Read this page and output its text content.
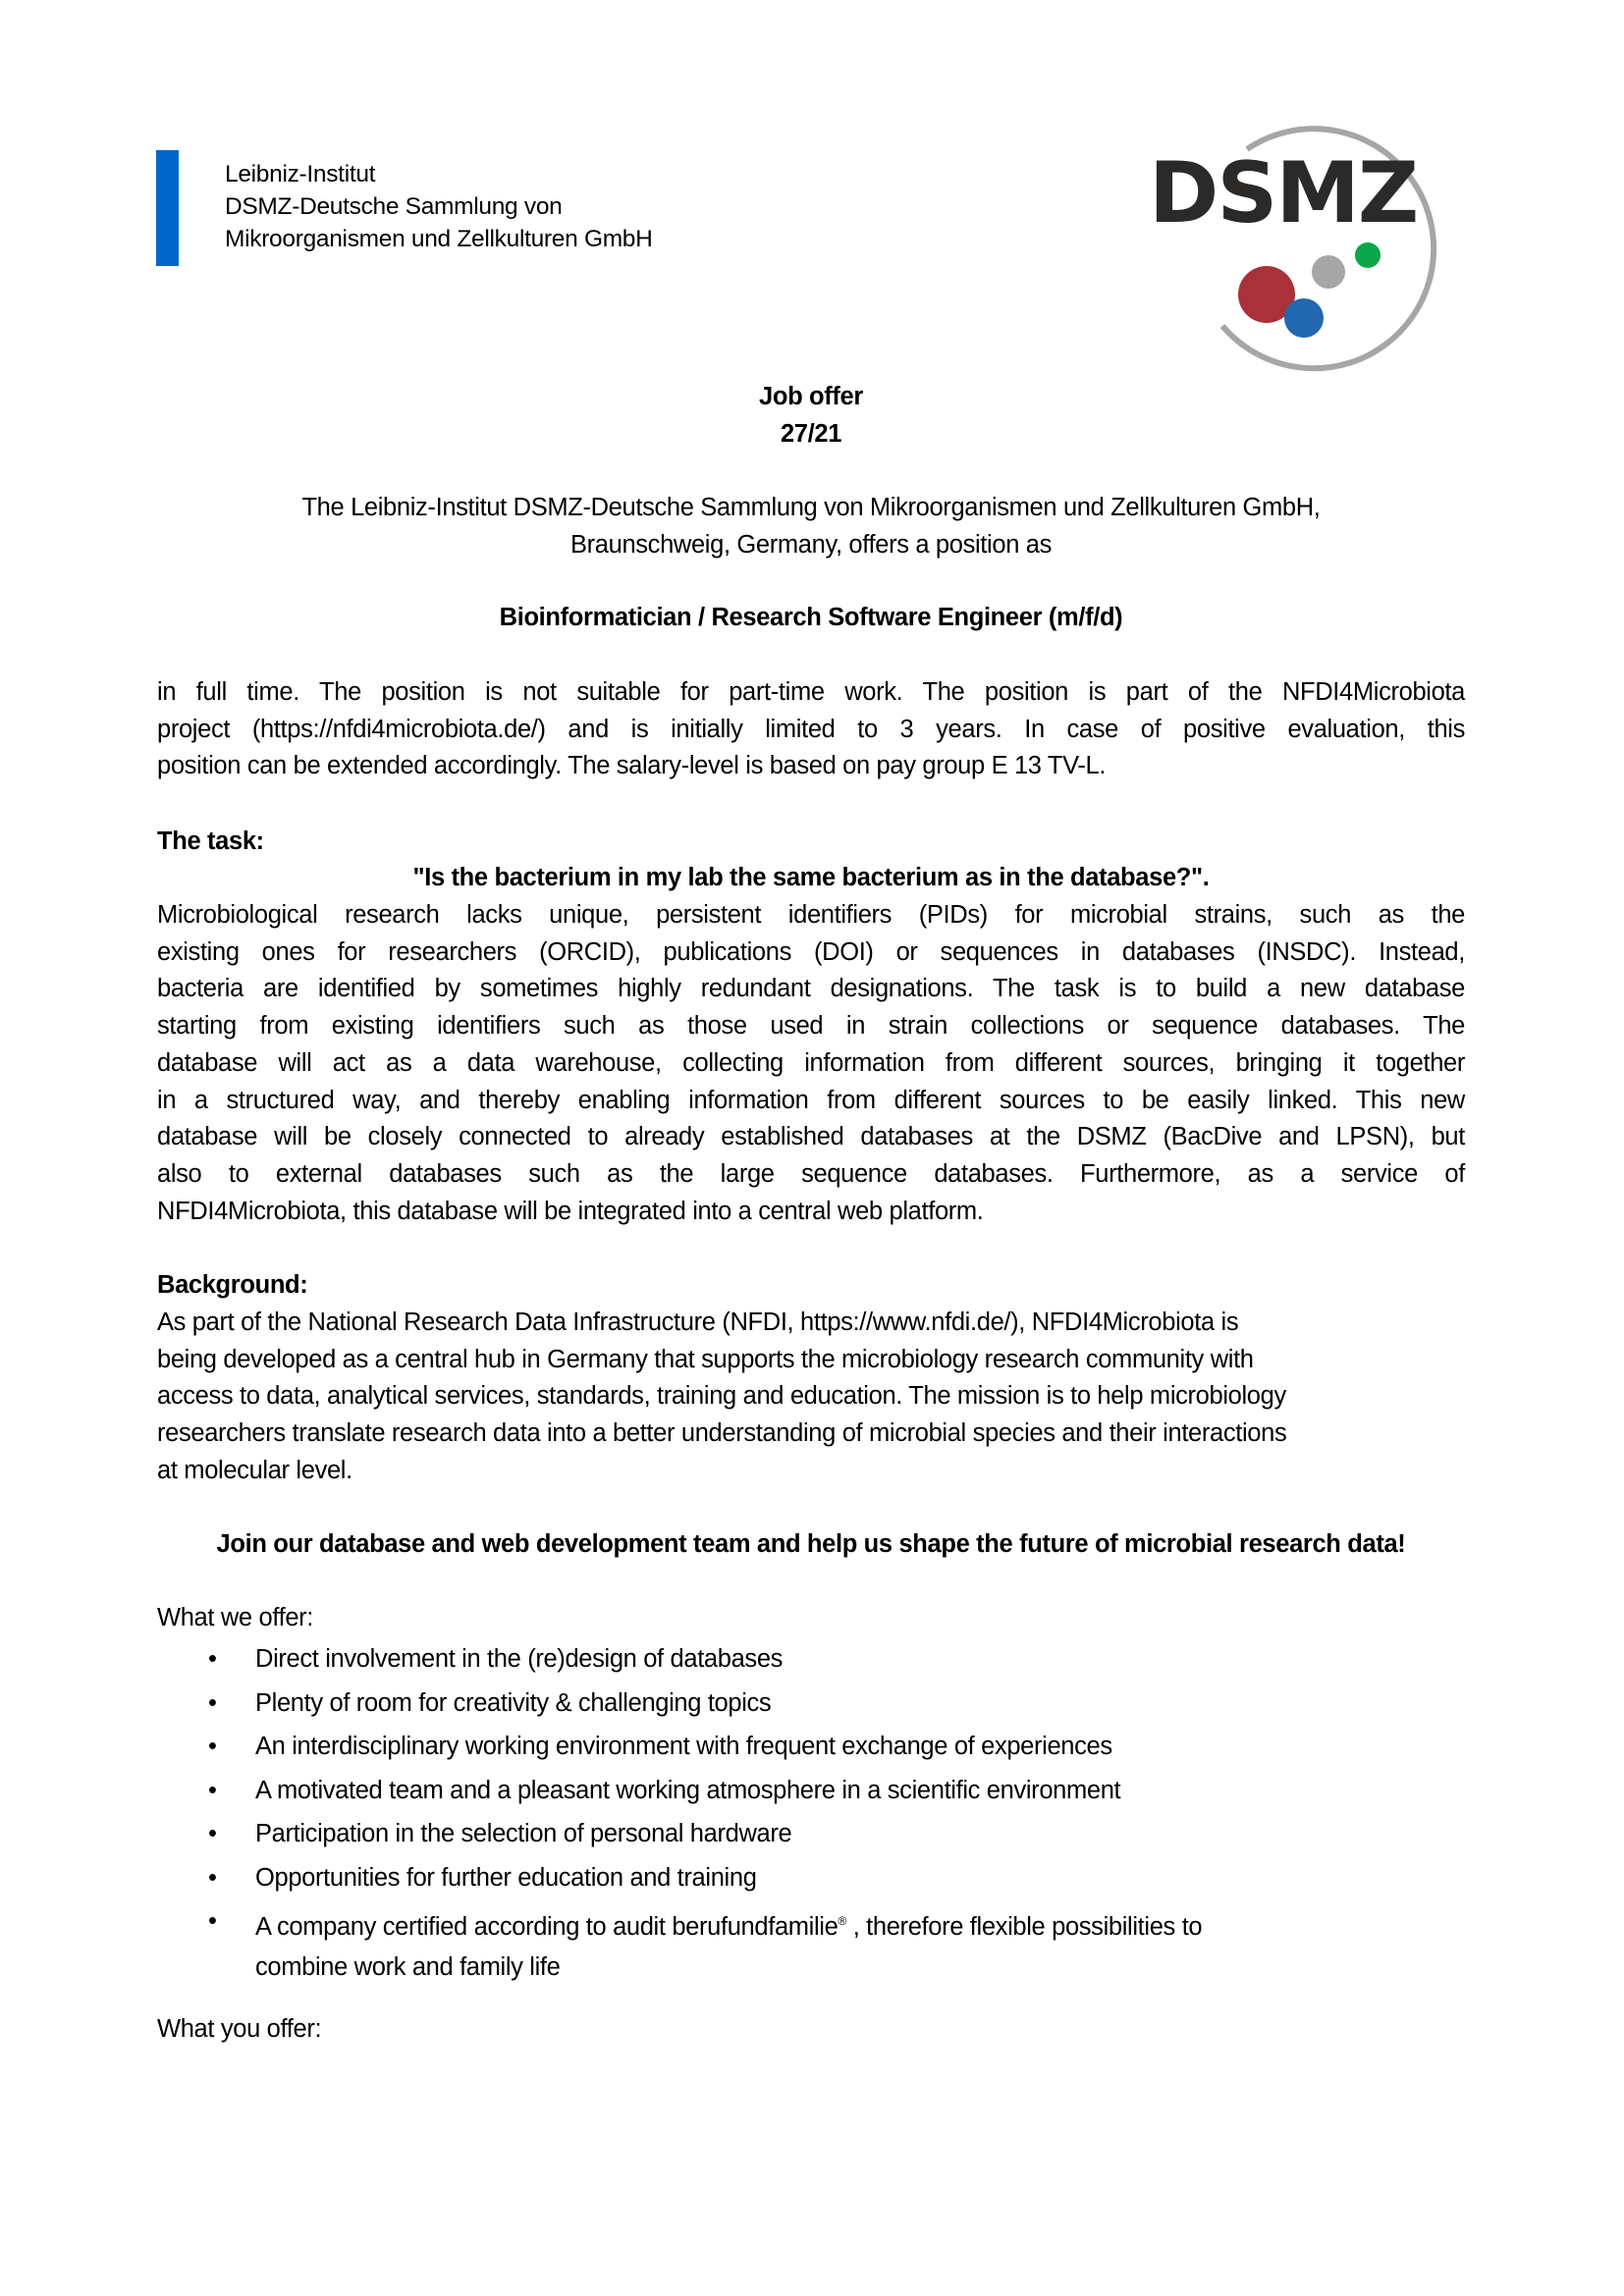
Leibniz-Institut
DSMZ-Deutsche Sammlung von
Mikroorganismen und Zellkulturen GmbH	DSMZ
Job offer
27/21
The Leibniz-Institut DSMZ-Deutsche Sammlung von Mikroorganismen und Zellkulturen GmbH,
Braunschweig, Germany, offers a position as
Bioinformatician / Research Software Engineer (m/f/d)
in full time. The position is not suitable for part-time work. The position is part of the NFDI4Microbiota
project (https://nfdi4microbiota.de/) and is initially limited to 3 years. In case of positive evaluation, this
position can be extended accordingly. The salary-level is based on pay group E 13 TV-L.
The task:
"Is the bacterium in my lab the same bacterium as in the database?".
Microbiological research lacks unique, persistent identifiers (PIDs) for microbial strains, such as the
existing ones for researchers (ORCID), publications (DOI) or sequences in databases (INSDC). Instead,
bacteria are identified by sometimes highly redundant designations. The task is to build a new database
starting from existing identifiers such as those used in strain collections or sequence databases. The
database will act as a data warehouse, collecting information from different sources, bringing it together
in a structured way, and thereby enabling information from different sources to be easily linked. This new
database will be closely connected to already established databases at the DSMZ (BacDive and LPSN), but
also to external databases such as the large sequence databases. Furthermore, as a service of
NFDI4Microbiota, this database will be integrated into a central web platform.
Background:
As part of the National Research Data Infrastructure (NFDI, https://www.nfdi.de/), NFDI4Microbiota is
being developed as a central hub in Germany that supports the microbiology research community with
access to data, analytical services, standards, training and education. The mission is to help microbiology
researchers translate research data into a better understanding of microbial species and their interactions
at molecular level.
Join our database and web development team and help us shape the future of microbial research data!
What we offer:
• Direct involvement in the (re)design of databases
• Plenty of room for creativity & challenging topics
• An interdisciplinary working environment with frequent exchange of experiences
• A motivated team and a pleasant working atmosphere in a scientific environment
• Participation in the selection of personal hardware
• Opportunities for further education and training
• A company certified according to audit berufundfamilie® , therefore flexible possibilities to
combine work and family life
What you offer:
